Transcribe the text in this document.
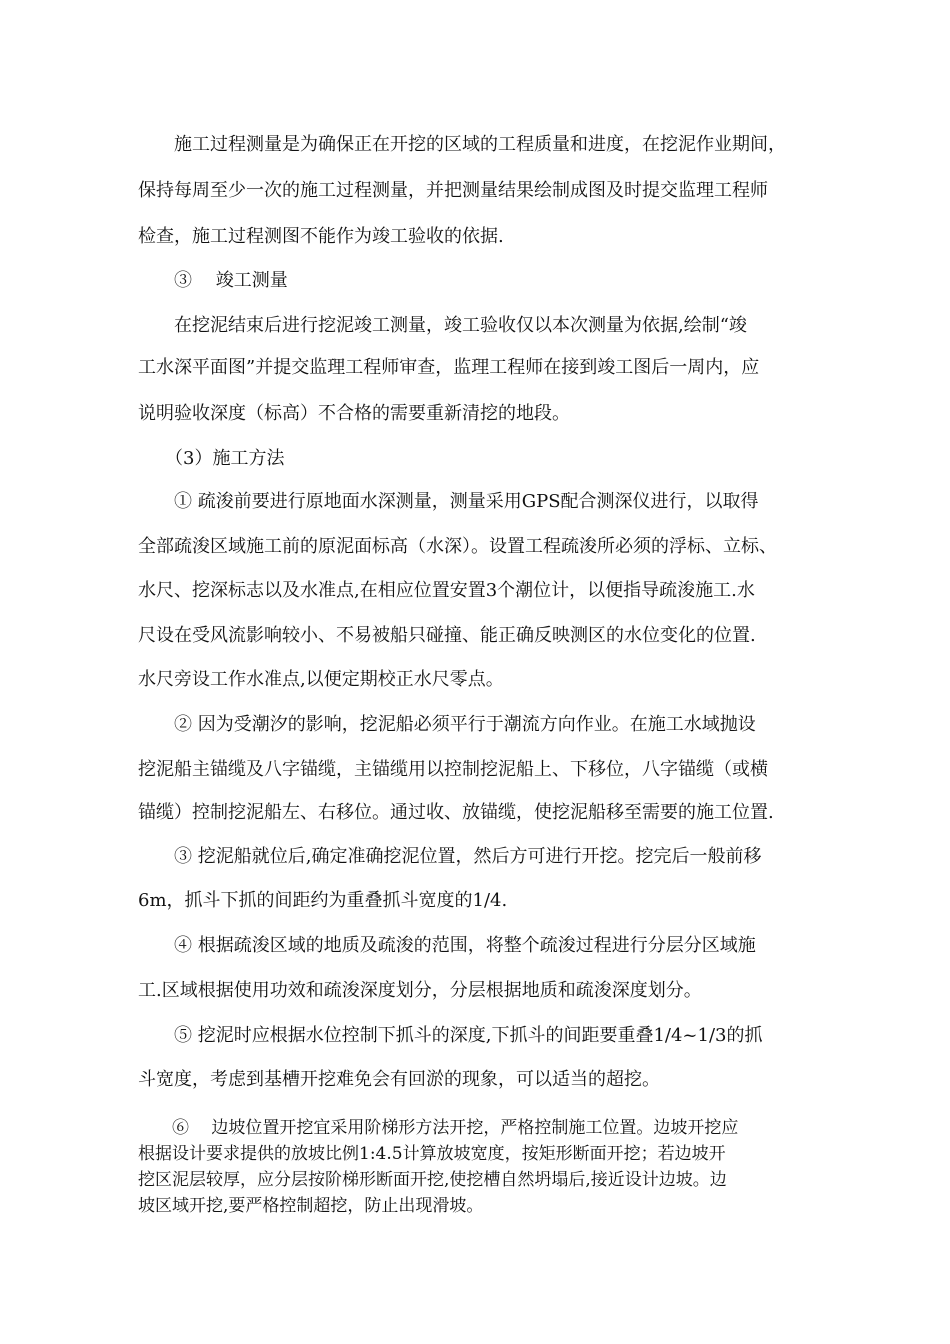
　　施工过程测量是为确保正在开挖的区域的工程质量和进度，在挖泥作业期间，

保持每周至少一次的施工过程测量，并把测量结果绘制成图及时提交监理工程师

检查，施工过程测图不能作为竣工验收的依据.

　　③ 　竣工测量

　　在挖泥结束后进行挖泥竣工测量，竣工验收仅以本次测量为依据,绘制“竣

工水深平面图”并提交监理工程师审查，监理工程师在接到竣工图后一周内，应

说明验收深度（标高）不合格的需要重新清挖的地段。

　　（3）施工方法

　　① 疏浚前要进行原地面水深测量，测量采用GPS配合测深仪进行，以取得

全部疏浚区域施工前的原泥面标高（水深）。设置工程疏浚所必须的浮标、立标、

水尺、挖深标志以及水准点,在相应位置安置3个潮位计，以便指导疏浚施工.水

尺设在受风流影响较小、不易被船只碰撞、能正确反映测区的水位变化的位置.

水尺旁设工作水准点,以便定期校正水尺零点。

　　② 因为受潮汐的影响，挖泥船必须平行于潮流方向作业。在施工水域抛设

挖泥船主锚缆及八字锚缆，主锚缆用以控制挖泥船上、下移位，八字锚缆（或横

锚缆）控制挖泥船左、右移位。通过收、放锚缆，使挖泥船移至需要的施工位置.

　　③ 挖泥船就位后,确定准确挖泥位置，然后方可进行开挖。挖完后一般前移

6m，抓斗下抓的间距约为重叠抓斗宽度的1/4.

　　④ 根据疏浚区域的地质及疏浚的范围，将整个疏浚过程进行分层分区域施

工.区域根据使用功效和疏浚深度划分，分层根据地质和疏浚深度划分。

　　⑤ 挖泥时应根据水位控制下抓斗的深度,下抓斗的间距要重叠1/4~1/3的抓

斗宽度，考虑到基槽开挖难免会有回淤的现象，可以适当的超挖。

　　⑥ 　边坡位置开挖宜采用阶梯形方法开挖，严格控制施工位置。边坡开挖应

根据设计要求提供的放坡比例1:4.5计算放坡宽度，按矩形断面开挖；若边坡开

挖区泥层较厚，应分层按阶梯形断面开挖,使挖槽自然坍塌后,接近设计边坡。边

坡区域开挖,要严格控制超挖，防止出现滑坡。
